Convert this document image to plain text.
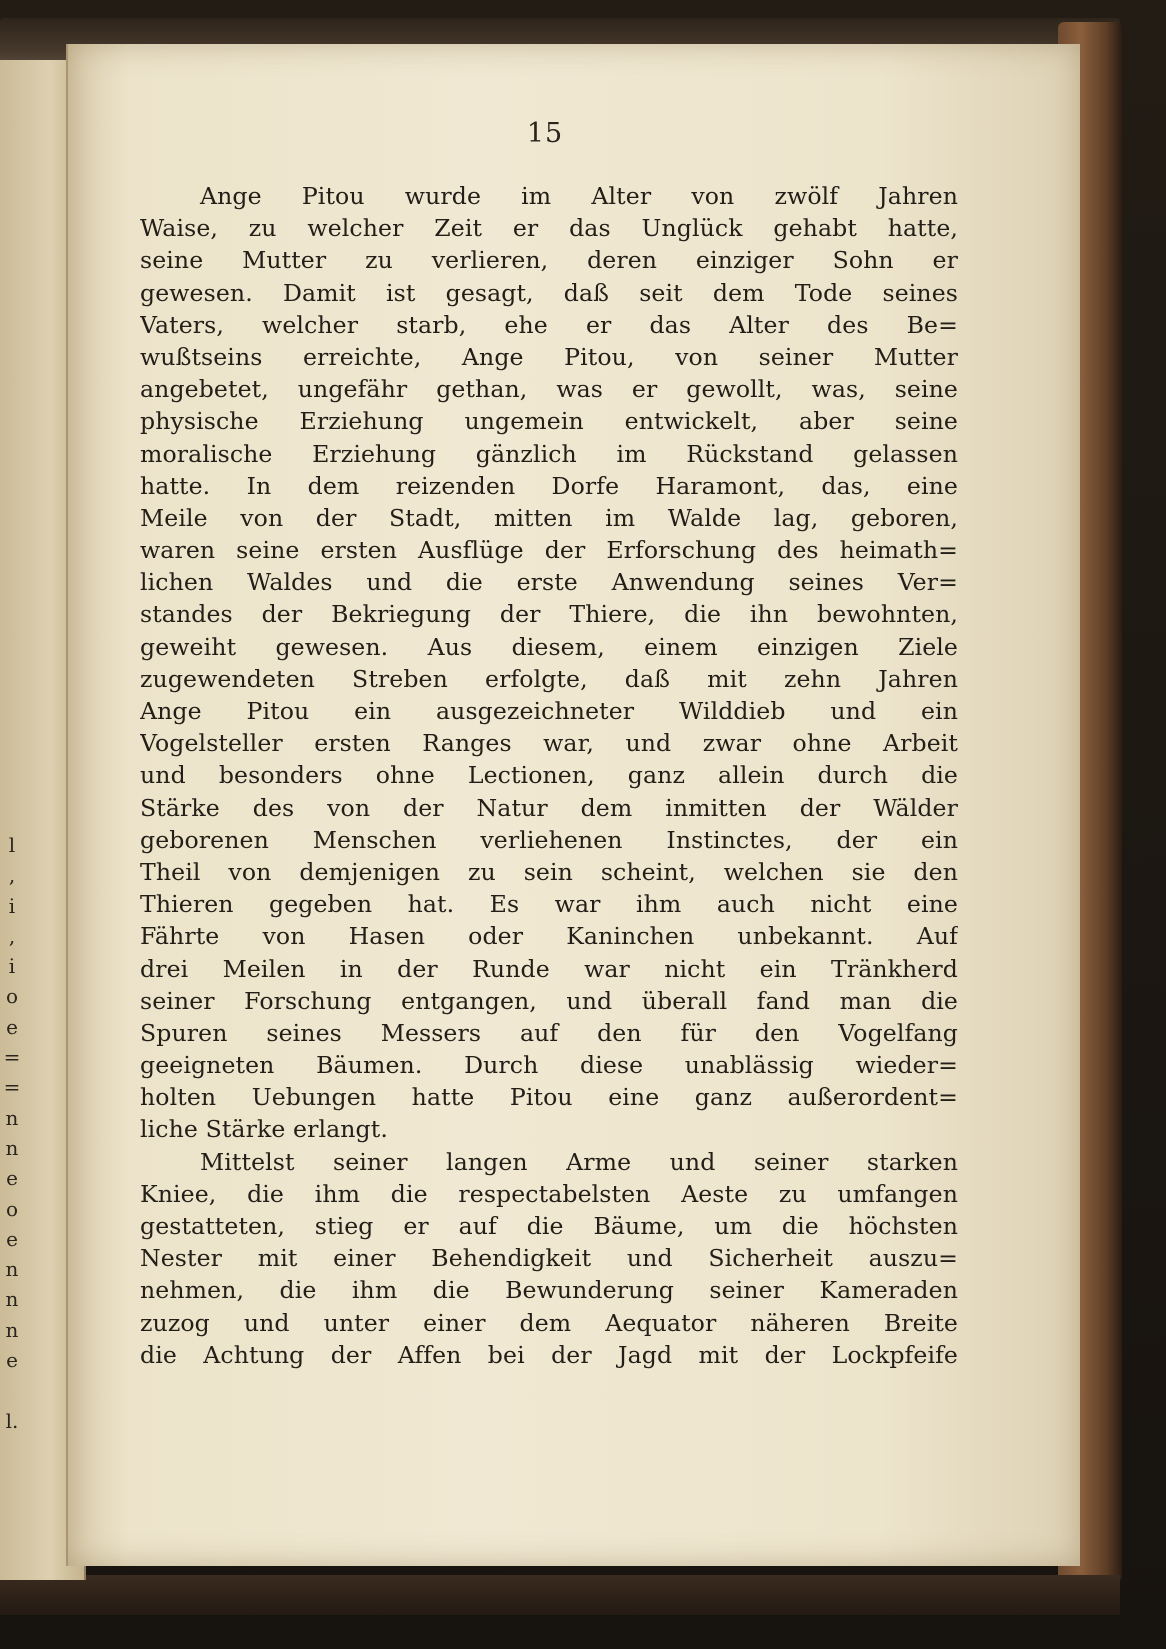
l
,
i
,
i
o
e
=
=
n
n
e
o
e
n
n
n
e
l.
15
Ange Pitou wurde im Alter von zwölf Jahren
Waise, zu welcher Zeit er das Unglück gehabt hatte,
seine Mutter zu verlieren, deren einziger Sohn er
gewesen. Damit ist gesagt, daß seit dem Tode seines
Vaters, welcher starb, ehe er das Alter des Be=
wußtseins erreichte, Ange Pitou, von seiner Mutter
angebetet, ungefähr gethan, was er gewollt, was, seine
physische Erziehung ungemein entwickelt, aber seine
moralische Erziehung gänzlich im Rückstand gelassen
hatte. In dem reizenden Dorfe Haramont, das, eine
Meile von der Stadt, mitten im Walde lag, geboren,
waren seine ersten Ausflüge der Erforschung des heimath=
lichen Waldes und die erste Anwendung seines Ver=
standes der Bekriegung der Thiere, die ihn bewohnten,
geweiht gewesen. Aus diesem, einem einzigen Ziele
zugewendeten Streben erfolgte, daß mit zehn Jahren
Ange Pitou ein ausgezeichneter Wilddieb und ein
Vogelsteller ersten Ranges war, und zwar ohne Arbeit
und besonders ohne Lectionen, ganz allein durch die
Stärke des von der Natur dem inmitten der Wälder
geborenen Menschen verliehenen Instinctes, der ein
Theil von demjenigen zu sein scheint, welchen sie den
Thieren gegeben hat. Es war ihm auch nicht eine
Fährte von Hasen oder Kaninchen unbekannt. Auf
drei Meilen in der Runde war nicht ein Tränkherd
seiner Forschung entgangen, und überall fand man die
Spuren seines Messers auf den für den Vogelfang
geeigneten Bäumen. Durch diese unablässig wieder=
holten Uebungen hatte Pitou eine ganz außerordent=
liche Stärke erlangt.
Mittelst seiner langen Arme und seiner starken
Kniee, die ihm die respectabelsten Aeste zu umfangen
gestatteten, stieg er auf die Bäume, um die höchsten
Nester mit einer Behendigkeit und Sicherheit auszu=
nehmen, die ihm die Bewunderung seiner Kameraden
zuzog und unter einer dem Aequator näheren Breite
die Achtung der Affen bei der Jagd mit der Lockpfeife
